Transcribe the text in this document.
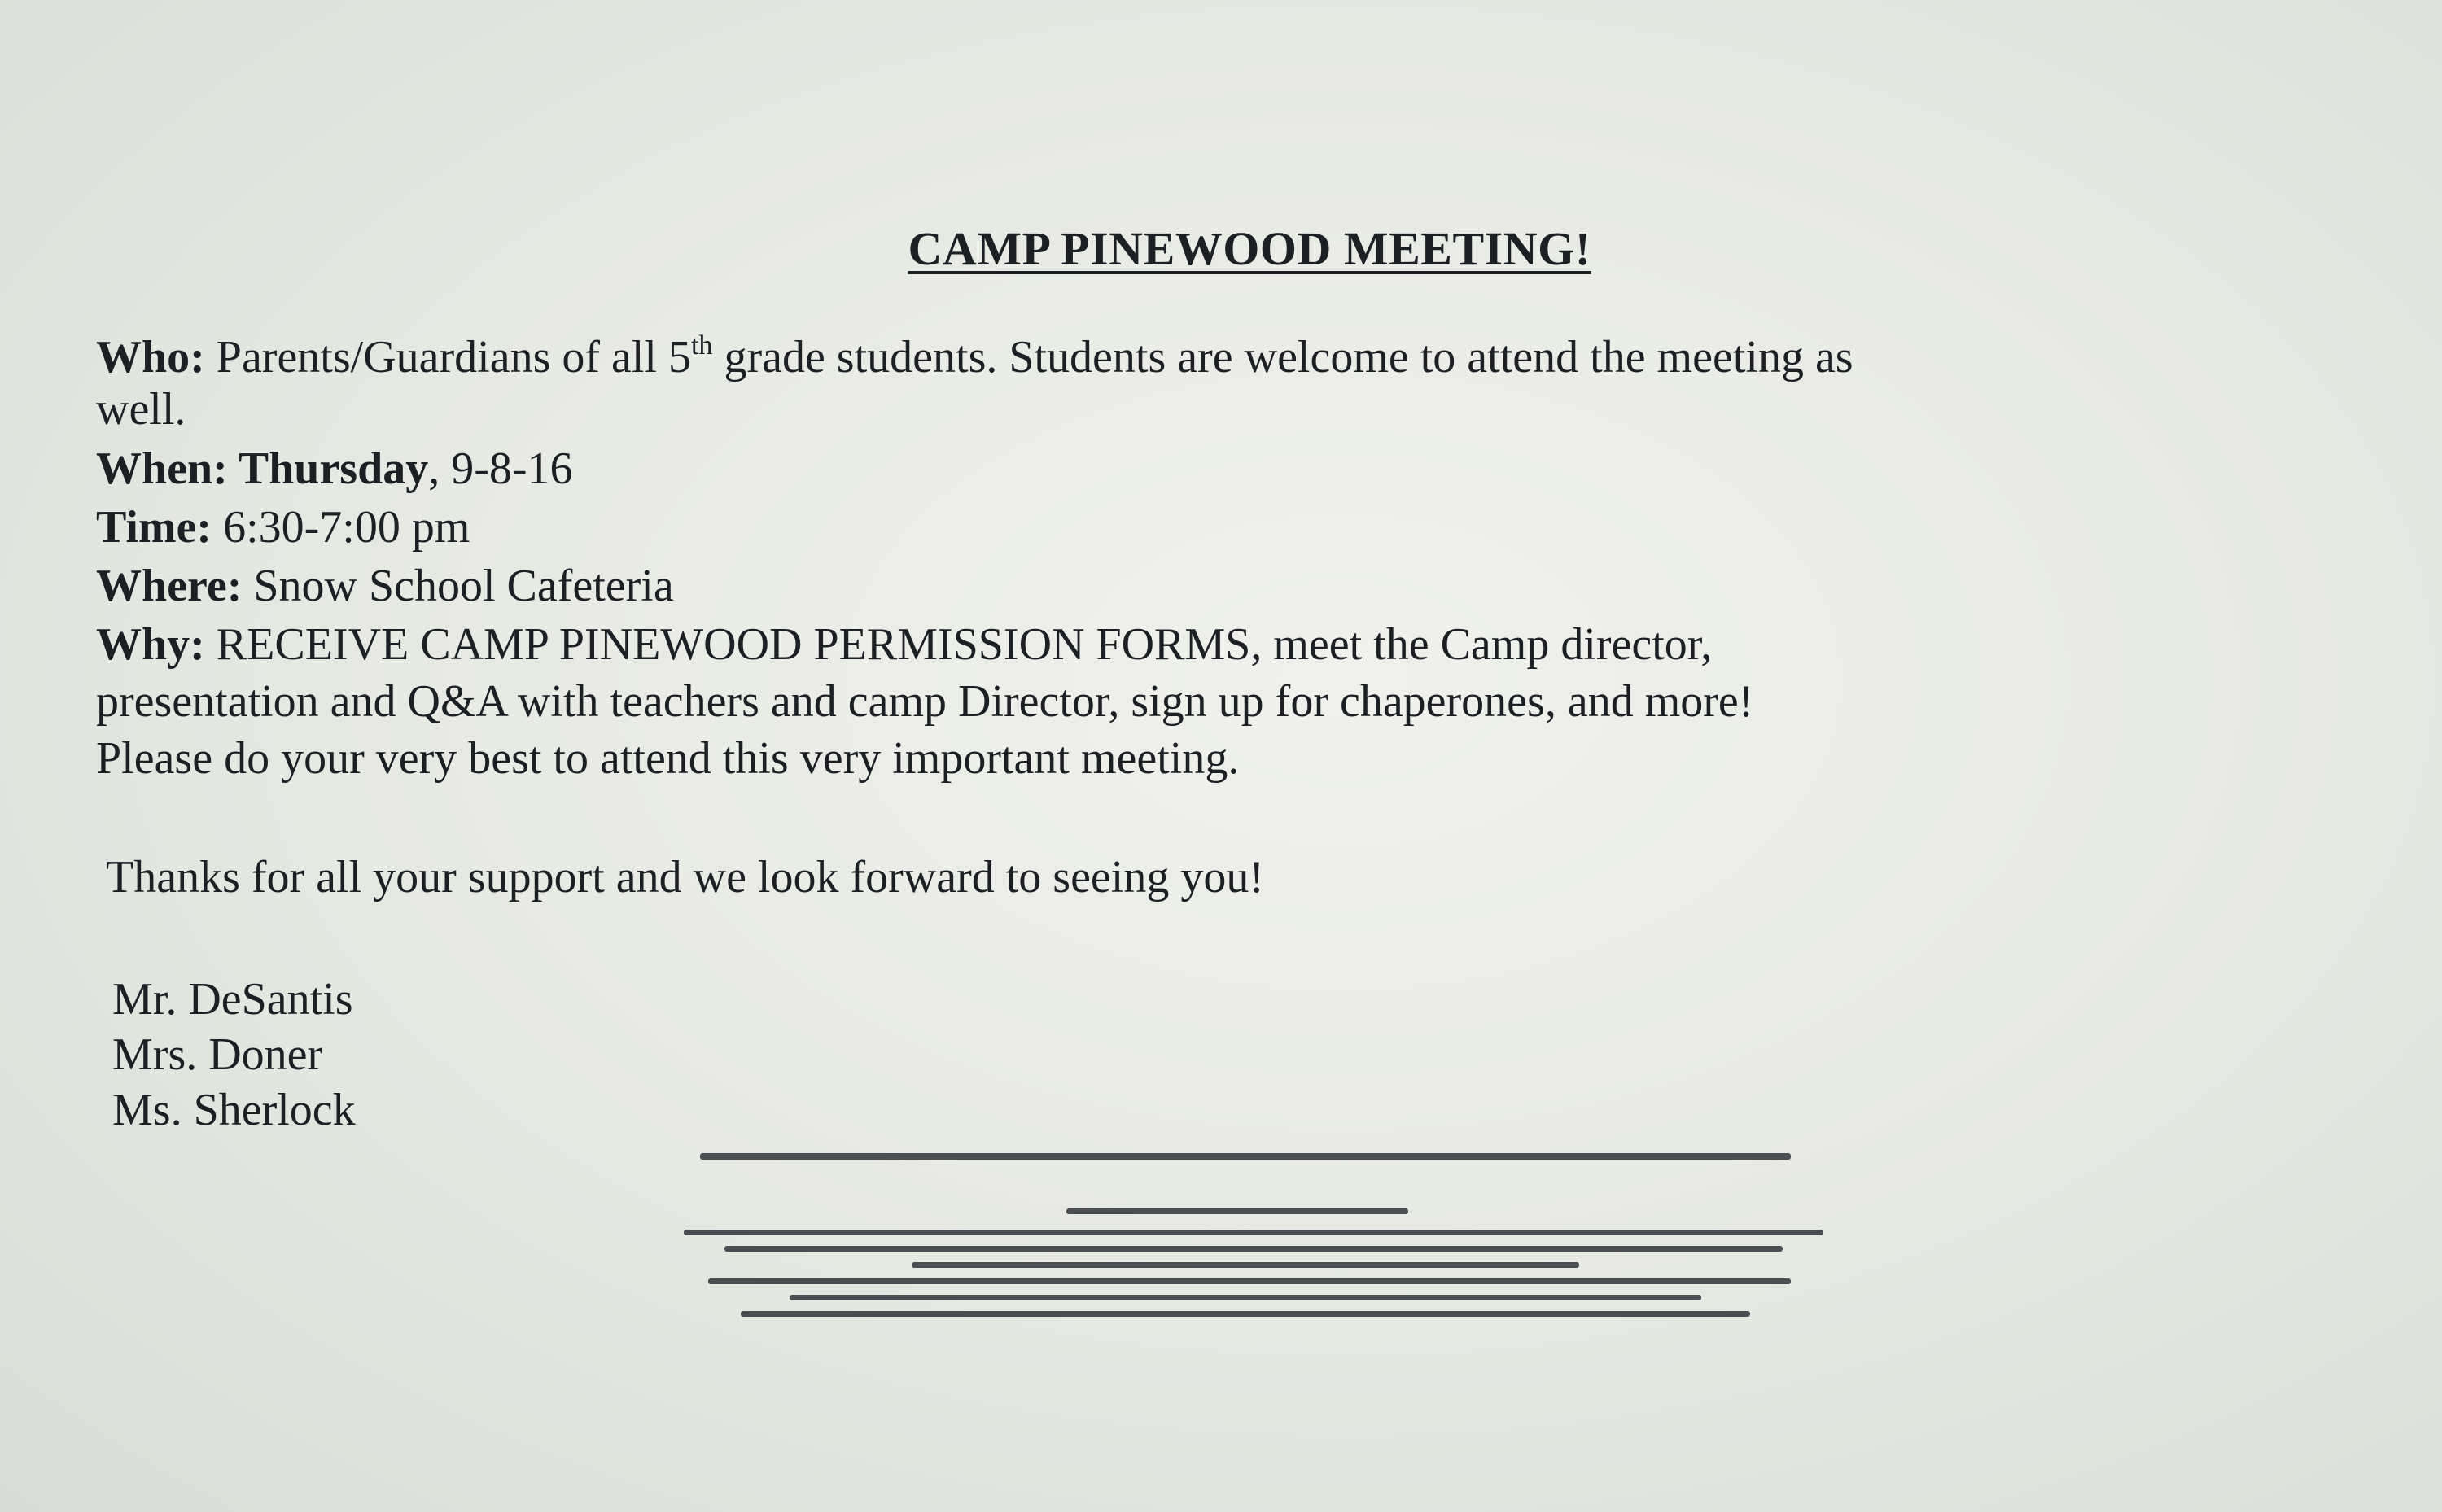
CAMP PINEWOOD MEETING!
Who: Parents/Guardians of all 5th grade students. Students are welcome to attend the meeting as
well.
When: Thursday, 9-8-16
Time: 6:30-7:00 pm
Where: Snow School Cafeteria
Why: RECEIVE CAMP PINEWOOD PERMISSION FORMS, meet the Camp director,
presentation and Q&A with teachers and camp Director, sign up for chaperones, and more!
Please do your very best to attend this very important meeting.
Thanks for all your support and we look forward to seeing you!
Mr. DeSantis
Mrs. Doner
Ms. Sherlock
